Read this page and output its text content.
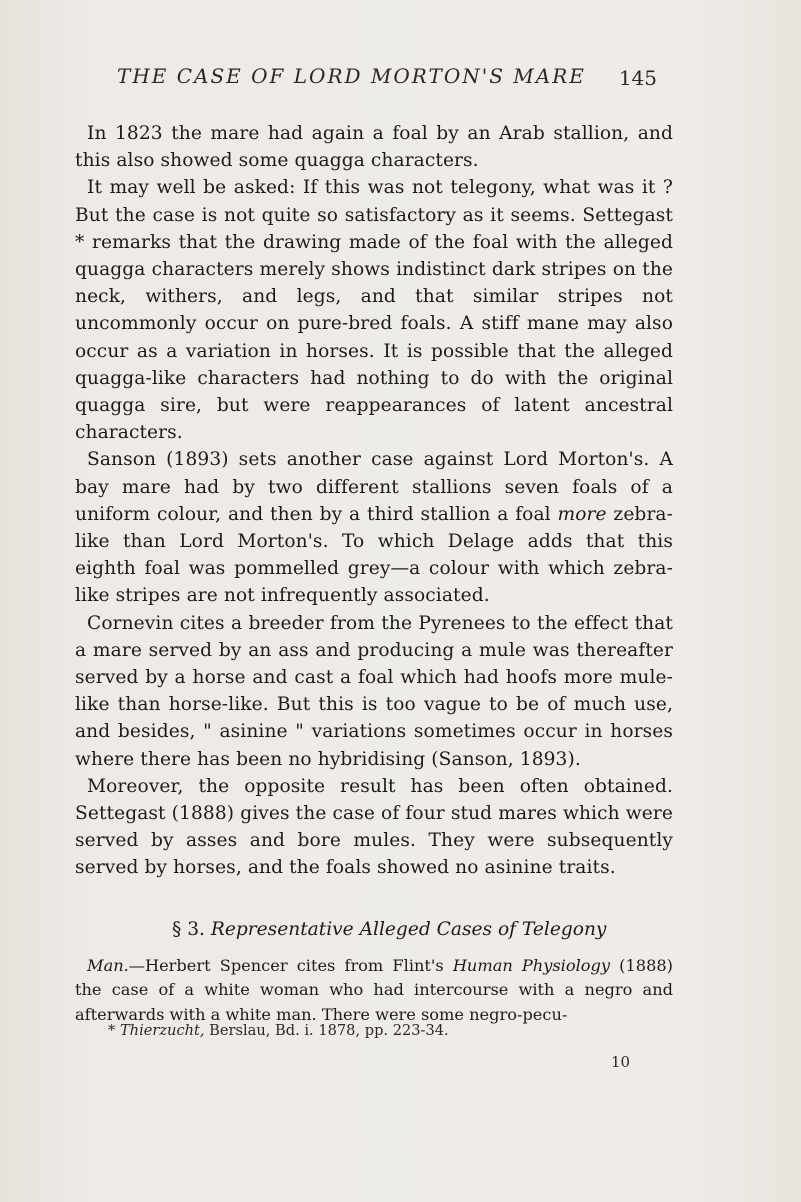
THE CASE OF LORD MORTON'S MARE 145

In 1823 the mare had again a foal by an Arab stallion, and this also showed some quagga characters.

It may well be asked: If this was not telegony, what was it ? But the case is not quite so satisfactory as it seems. Settegast * remarks that the drawing made of the foal with the alleged quagga characters merely shows indistinct dark stripes on the neck, withers, and legs, and that similar stripes not uncommonly occur on pure-bred foals. A stiff mane may also occur as a variation in horses. It is possible that the alleged quagga-like characters had nothing to do with the original quagga sire, but were reappearances of latent ancestral characters.

Sanson (1893) sets another case against Lord Morton's. A bay mare had by two different stallions seven foals of a uniform colour, and then by a third stallion a foal more zebra-like than Lord Morton's. To which Delage adds that this eighth foal was pommelled grey—a colour with which zebra-like stripes are not infrequently associated.

Cornevin cites a breeder from the Pyrenees to the effect that a mare served by an ass and producing a mule was thereafter served by a horse and cast a foal which had hoofs more mule-like than horse-like. But this is too vague to be of much use, and besides, " asinine " variations sometimes occur in horses where there has been no hybridising (Sanson, 1893).

Moreover, the opposite result has been often obtained. Settegast (1888) gives the case of four stud mares which were served by asses and bore mules. They were subsequently served by horses, and the foals showed no asinine traits.

§ 3. Representative Alleged Cases of Telegony

Man.—Herbert Spencer cites from Flint's Human Physiology (1888) the case of a white woman who had intercourse with a negro and afterwards with a white man. There were some negro-pecu-

* Thierzucht, Berslau, Bd. i. 1878, pp. 223-34.
10
